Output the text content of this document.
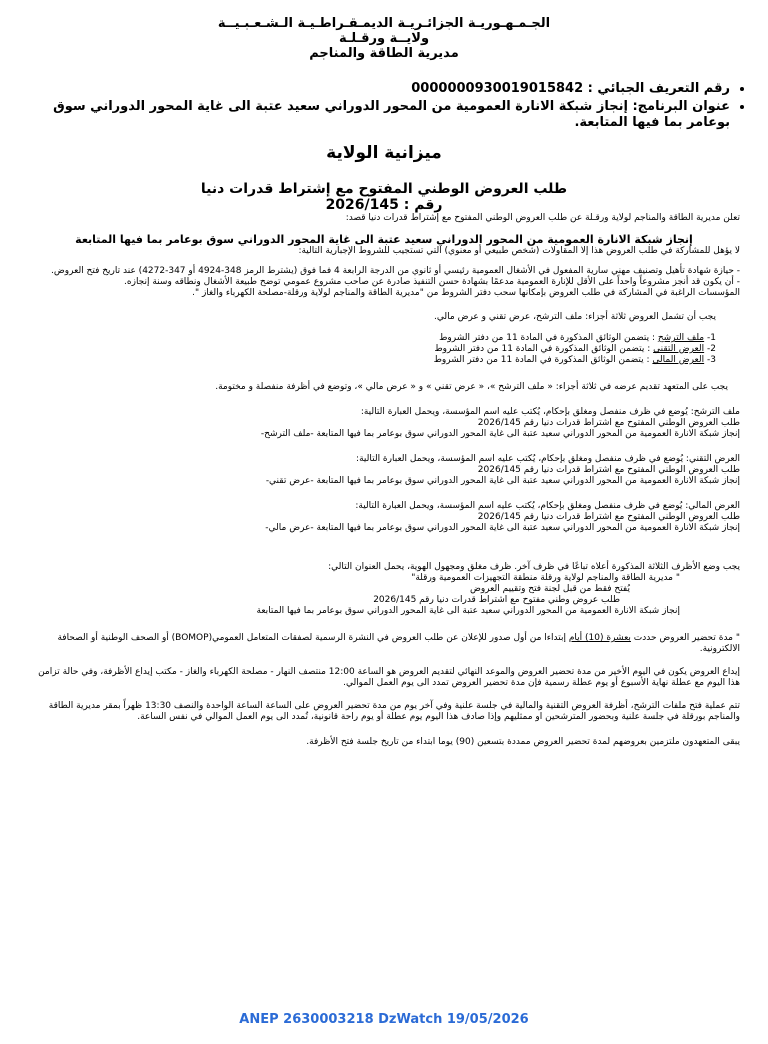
الجـمـهـوريـة الجزائـريـة الديمـقـراطـيـة الـشـعـبـيــة
ولايــة ورقـلـة
مديرية الطاقة والمناجم
• رقم التعريف الجبائي : 0000000930019015842
• عنوان البرنامج: إنجاز شبكة الانارة العمومية من المحور الدوراني سعيد عتبة الى غاية المحور الدوراني سوق بوعامر بما فيها المتابعة.
ميزانية الولاية
طلب العروض الوطني المفتوح مع إشتراط قدرات دنيا
رقم : 2026/145
تعلن مديرية الطاقة والمناجم لولاية ورقـلة عن طلب العروض الوطني المفتوح مع إشتراط قدرات دنيا قصد:
إنجاز شبكة الانارة العمومية من المحور الدوراني سعيد عتبة الى غاية المحور الدوراني سوق بوعامر بما فيها المتابعة
لا يؤهل للمشاركة في طلب العروض هذا إلا المقاولات (شخص طبيعي أو معنوي) التي تستجيب للشروط الإجبارية التالية:
- حيازة شهادة تأهيل وتصنيف مهني سارية المفعول في الأشغال العمومية رئيسي أو ثانوي من الدرجة الرابعة 4 فما فوق (يشترط الرمز 348-4924 أو 347-4272) عند تاريخ فتح العروض.
- أن يكون قد أنجز مشروعاً واحداً على الأقل للإنارة العمومية مدعمًا بشهادة حسن التنفيذ صادرة عن صاحب مشروع عمومي توضح طبيعة الأشغال ونطاقه وسنة إنجازه.
المؤسسات الراغبة في المشاركة في طلب العروض بإمكانها سحب دفتر الشروط من "مديرية الطاقة والمناجم لولاية ورقلة-مصلحة الكهرباء والغاز ".
يجب أن تشمل العروض ثلاثة أجزاء: ملف الترشح، عرض تقني و عرض مالي.
1- ملف الترشح : يتضمن الوثائق المذكورة في المادة 11 من دفتر الشروط
2- العرض التقني : يتضمن الوثائق المذكورة في المادة 11 من دفتر الشروط
3- العرض المالي : يتضمن الوثائق المذكورة في المادة 11 من دفتر الشروط
يجب على المتعهد تقديم عرضه في ثلاثة أجزاء: « ملف الترشح »، « عرض تقني » و « عرض مالي »، وتوضع في أظرفة منفصلة و مختومة.
ملف الترشح: يُوضع في ظرف منفصل ومغلق بإحكام، يُكتب عليه اسم المؤسسة، ويحمل العبارة التالية:
طلب العروض الوطني المفتوح مع اشتراط قدرات دنيا رقم 2026/145
إنجاز شبكة الانارة العمومية من المحور الدوراني سعيد عتبة الى غاية المحور الدوراني سوق بوعامر بما فيها المتابعة -ملف الترشح-
العرض التقني: يُوضع في ظرف منفصل ومغلق بإحكام، يُكتب عليه اسم المؤسسة، ويحمل العبارة التالية:
طلب العروض الوطني المفتوح مع اشتراط قدرات دنيا رقم 2026/145
إنجاز شبكة الانارة العمومية من المحور الدوراني سعيد عتبة الى غاية المحور الدوراني سوق بوعامر بما فيها المتابعة -عرض تقني-
العرض المالي: يُوضع في ظرف منفصل ومغلق بإحكام، يُكتب عليه اسم المؤسسة، ويحمل العبارة التالية:
طلب العروض الوطني المفتوح مع اشتراط قدرات دنيا رقم 2026/145
إنجاز شبكة الانارة العمومية من المحور الدوراني سعيد عتبة الى غاية المحور الدوراني سوق بوعامر بما فيها المتابعة -عرض مالي-
يجب وضع الأظرف الثلاثة المذكورة أعلاه تباعًا في ظرف آخر. ظرف مغلق ومجهول الهوية، يحمل العنوان التالي:
" مديرية الطاقة والمناجم لولاية ورقلة منطقة التجهيزات العمومية ورقلة"
يُفتح فقط من قبل لجنة فتح وتقييم العروض
طلب عروض وطني مفتوح مع اشتراط قدرات دنيا رقم 2026/145
إنجاز شبكة الانارة العمومية من المحور الدوراني سعيد عتبة الى غاية المحور الدوراني سوق بوعامر بما فيها المتابعة
" مدة تحضير العروض حددت بعشرة (10) أيام إبتداءا من أول صدور للإعلان عن طلب العروض في النشرة الرسمية لصفقات المتعامل العمومي(BOMOP) أو الصحف الوطنية أو الصحافة الالكترونية.
إيداع العروض يكون في اليوم الأخير من مدة تحضير العروض والموعد النهائي لتقديم العروض هو الساعة 12:00 منتصف النهار - مصلحة الكهرباء والغاز - مكتب إيداع الأظرفة، وفي حالة تزامن هذا اليوم مع عطلة نهاية الأسبوع أو يوم عطلة رسمية فإن مدة تحضير العروض تمدد الى يوم العمل الموالي.
تتم عملية فتح ملفات الترشح، أظرفة العروض التقنية والمالية في جلسة علنية وفي آخر يوم من مدة تحضير العروض على الساعة الساعة الواحدة والنصف 13:30 ظهراً بمقر مديرية الطاقة والمناجم بورقلة في جلسة علنية وبحضور المترشحين او ممثليهم وإذا صادف هذا اليوم يوم عطلة أو يوم راحة قانونية، تُمدد الى يوم العمل الموالي في نفس الساعة.
يبقى المتعهدون ملتزمين بعروضهم لمدة تحضير العروض ممددة بتسعين (90) يوما ابتداء من تاريخ جلسة فتح الأظرفة.
ANEP 2630003218 DzWatch 19/05/2026
